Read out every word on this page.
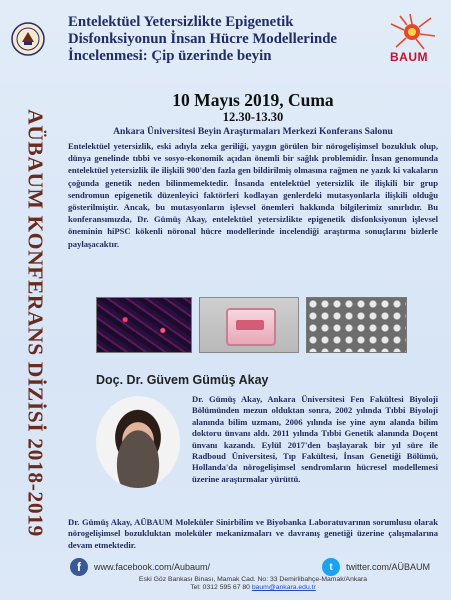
BAUM
AÜBAUM KONFERANS DİZİSİ 2018-2019
Entelektüel Yetersizlikte Epigenetik Disfonksiyonun İnsan Hücre Modellerinde İncelenmesi: Çip üzerinde beyin
10 Mayıs 2019, Cuma
12.30-13.30
Ankara Üniversitesi Beyin Araştırmaları Merkezi Konferans Salonu
Entelektüel yetersizlik, eski adıyla zeka geriliği, yaygın görülen bir nörogelişimsel bozukluk olup, dünya genelinde tıbbi ve sosyo-ekonomik açıdan önemli bir sağlık problemidir. İnsan genomunda entelektüel yetersizlik ile ilişkili 900'den fazla gen bildirilmiş olmasına rağmen ne yazık ki vakaların çoğunda genetik neden bilinmemektedir. İnsanda entelektüel yetersizlik ile ilişkili bir grup sendromun epigenetik düzenleyici faktörleri kodlayan genlerdeki mutasyonlarla ilişkili olduğu gösterilmiştir. Ancak, bu mutasyonların işlevsel önemleri hakkında bilgilerimiz sınırlıdır. Bu konferansımızda, Dr. Gümüş Akay, entelektüel yetersizlikte epigenetik disfonksiyonun işlevsel öneminin hiPSC kökenli nöronal hücre modellerinde incelendiği araştırma sonuçlarını bizlerle paylaşacaktır.
Doç. Dr. Güvem Gümüş Akay
Dr. Gümüş Akay, Ankara Üniversitesi Fen Fakültesi Biyoloji Bölümünden mezun olduktan sonra, 2002 yılında Tıbbi Biyoloji alanında bilim uzmanı, 2006 yılında ise yine aynı alanda bilim doktoru ünvanı aldı. 2011 yılında Tıbbi Genetik alanında Doçent ünvanı kazandı. Eylül 2017'den başlayarak bir yıl süre ile Radboud Üniversitesi, Tıp Fakültesi, İnsan Genetiği Bölümü, Hollanda'da nörogelişimsel sendromların hücresel modellemesi üzerine araştırmalar yürüttü.
Dr. Gümüş Akay, AÜBAUM Moleküler Sinirbilim ve Biyobanka Laboratuvarının sorumlusu olarak nörogelişimsel bozukluktan moleküler mekanizmaları ve davranış genetiği üzerine çalışmalarına devam etmektedir.
f	www.facebook.com/Aubaum/	t	twitter.com/AÜBAUM
Eski Göz Bankası Binası, Mamak Cad. No: 33 Demirlibahçe-Mamak/Ankara
Tel: 0312 595 67 80 baum@ankara.edu.tr
